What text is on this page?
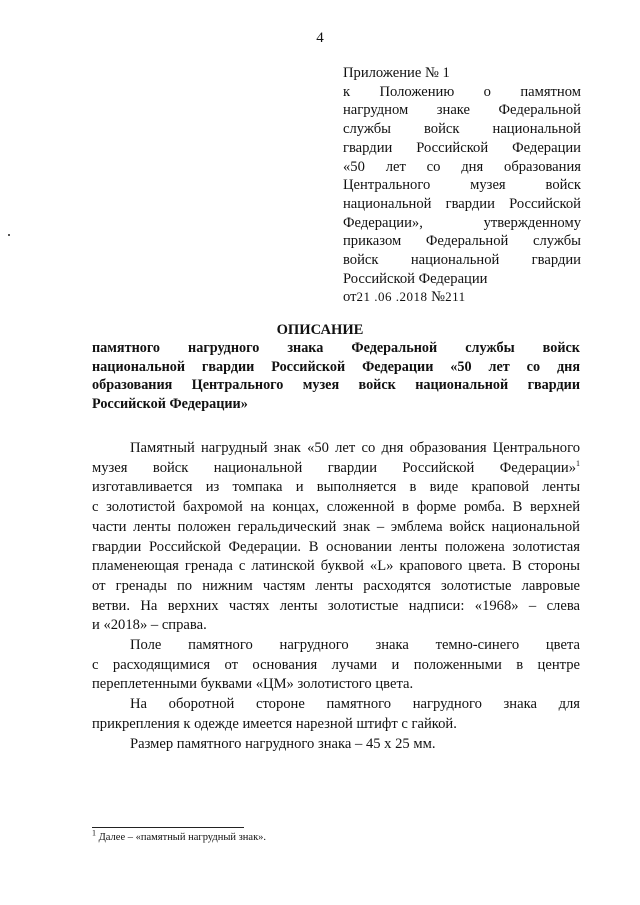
4
Приложение № 1
к Положению о памятном
нагрудном знаке Федеральной
службы войск национальной
гвардии Российской Федерации
«50 лет со дня образования
Центрального музея войск
национальной гвардии Российской
Федерации», утвержденному
приказом Федеральной службы
войск национальной гвардии
Российской Федерации
от21 .06 .2018 №211
ОПИСАНИЕ
памятного нагрудного знака Федеральной службы войск
национальной гвардии Российской Федерации «50 лет со дня
образования Центрального музея войск национальной гвардии
Российской Федерации»

Памятный нагрудный знак «50 лет со дня образования Центрального
музея войск национальной гвардии Российской Федерации»$^1$
изготавливается из томпака и выполняется в виде краповой ленты
с золотистой бахромой на концах, сложенной в форме ромба. В верхней
части ленты положен геральдический знак – эмблема войск национальной
гвардии Российской Федерации. В основании ленты положена золотистая
пламенеющая гренада с латинской буквой «L» крапового цвета. В стороны
от гренады по нижним частям ленты расходятся золотистые лавровые
ветви. На верхних частях ленты золотистые надписи: «1968» – слева
и «2018» – справа.

Поле памятного нагрудного знака темно-синего цвета
с расходящимися от основания лучами и положенными в центре
переплетенными буквами «ЦМ» золотистого цвета.

На оборотной стороне памятного нагрудного знака для
прикрепления к одежде имеется нарезной штифт с гайкой.

Размер памятного нагрудного знака – 45 х 25 мм.

$^1$ Далее – «памятный нагрудный знак».
